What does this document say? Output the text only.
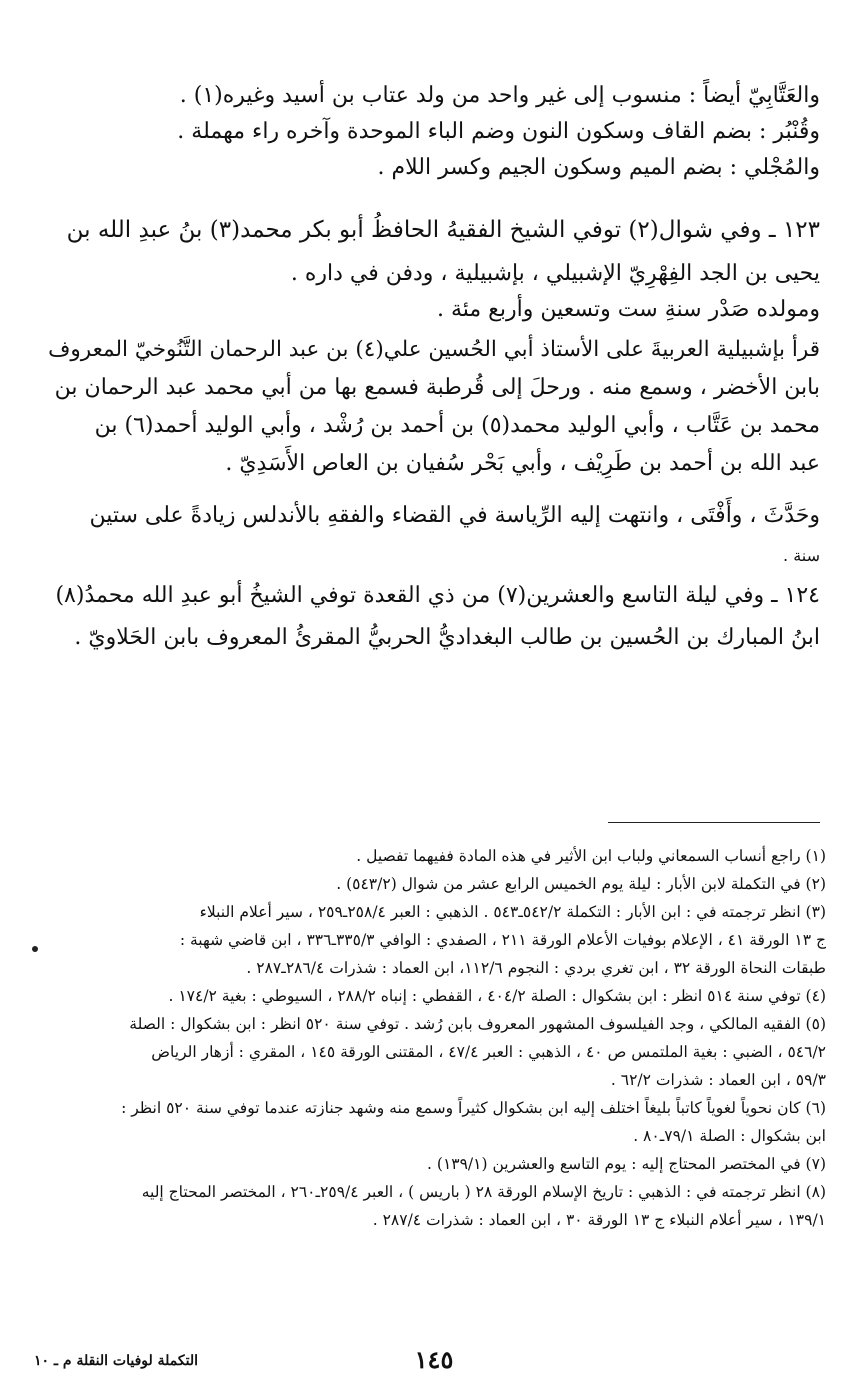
والعَتَّابِيّ أيضاً : منسوب إلى غير واحد من ولد عتاب بن أسيد وغيره(١) .

وقُنْبُر : بضم القاف وسكون النون وضم الباء الموحدة وآخره راء مهملة .

والمُجْلي : بضم الميم وسكون الجيم وكسر اللام .

١٢٣ ـ وفي شوال(٢) توفي الشيخ الفقيهُ الحافظُ أبو بكر محمد(٣) بنُ عبدِ الله بن

يحيى بن الجد الفِهْرِيّ الإشبيلي ، بإشبيلية ، ودفن في داره .

ومولده صَدْر سنةِ ست وتسعين وأربع مئة .

قرأ بإشبيلية العربيةَ على الأستاذ أبي الحُسين علي(٤) بن عبد الرحمان التَّنُوخيّ المعروف

بابن الأخضر ، وسمع منه . ورحلَ إلى قُرطبة فسمع بها من أبي محمد عبد الرحمان بن

محمد بن عَتَّاب ، وأبي الوليد محمد(٥) بن أحمد بن رُشْد ، وأبي الوليد أحمد(٦) بن

عبد الله بن أحمد بن طَرِيْف ، وأبي بَحْر سُفيان بن العاص الأَسَدِيّ .

وحَدَّثَ ، وأَفْتَى ، وانتهت إليه الرِّياسة في القضاء والفقهِ بالأندلس زيادةً على ستين

سنة .

١٢٤ ـ وفي ليلة التاسع والعشرين(٧) من ذي القعدة توفي الشيخُ أبو عبدِ الله محمدُ(٨)

ابنُ المبارك بن الحُسين بن طالب البغداديُّ الحربيُّ المقرئُ المعروف بابن الحَلاويّ .

(١) راجع أنساب السمعاني ولباب ابن الأثير في هذه المادة ففيهما تفصيل .

(٢) في التكملة لابن الأبار : ليلة يوم الخميس الرابع عشر من شوال (٥٤٣/٢) .

(٣) انظر ترجمته في : ابن الأبار : التكملة ٥٤٢/٢ـ٥٤٣ . الذهبي : العبر ٢٥٨/٤ـ٢٥٩ ، سير أعلام النبلاء

ج ١٣ الورقة ٤١ ، الإعلام بوفيات الأعلام الورقة ٢١١ ، الصفدي : الوافي ٣٣٥/٣ـ٣٣٦ ، ابن قاضي شهبة :

طبقات النحاة الورقة ٣٢ ، ابن تغري بردي : النجوم ١١٢/٦، ابن العماد : شذرات ٢٨٦/٤ـ٢٨٧ .

(٤) توفي سنة ٥١٤ انظر : ابن بشكوال : الصلة ٤٠٤/٢ ، القفطي : إنباه ٢٨٨/٢ ، السيوطي : بغية ١٧٤/٢ .

(٥) الفقيه المالكي ، وجد الفيلسوف المشهور المعروف بابن رُشد . توفي سنة ٥٢٠ انظر : ابن بشكوال : الصلة

٥٤٦/٢ ، الضبي : بغية الملتمس ص ٤٠ ، الذهبي : العبر ٤٧/٤ ، المقتنى الورقة ١٤٥ ، المقري : أزهار الرياض

٥٩/٣ ، ابن العماد : شذرات ٦٢/٢ .

(٦) كان نحوياً لغوياً كاتباً بليغاً اختلف إليه ابن بشكوال كثيراً وسمع منه وشهد جنازته عندما توفي سنة ٥٢٠ انظر :

ابن بشكوال : الصلة ٧٩/١ـ٨٠ .

(٧) في المختصر المحتاج إليه : يوم التاسع والعشرين (١٣٩/١) .

(٨) انظر ترجمته في : الذهبي : تاريخ الإسلام الورقة ٢٨ ( باريس ) ، العبر ٢٥٩/٤ـ٢٦٠ ، المختصر المحتاج إليه

١٣٩/١ ، سير أعلام النبلاء ج ١٣ الورقة ٣٠ ، ابن العماد : شذرات ٢٨٧/٤ .

١٤٥
التكملة لوفيات النقلة م ـ ١٠
